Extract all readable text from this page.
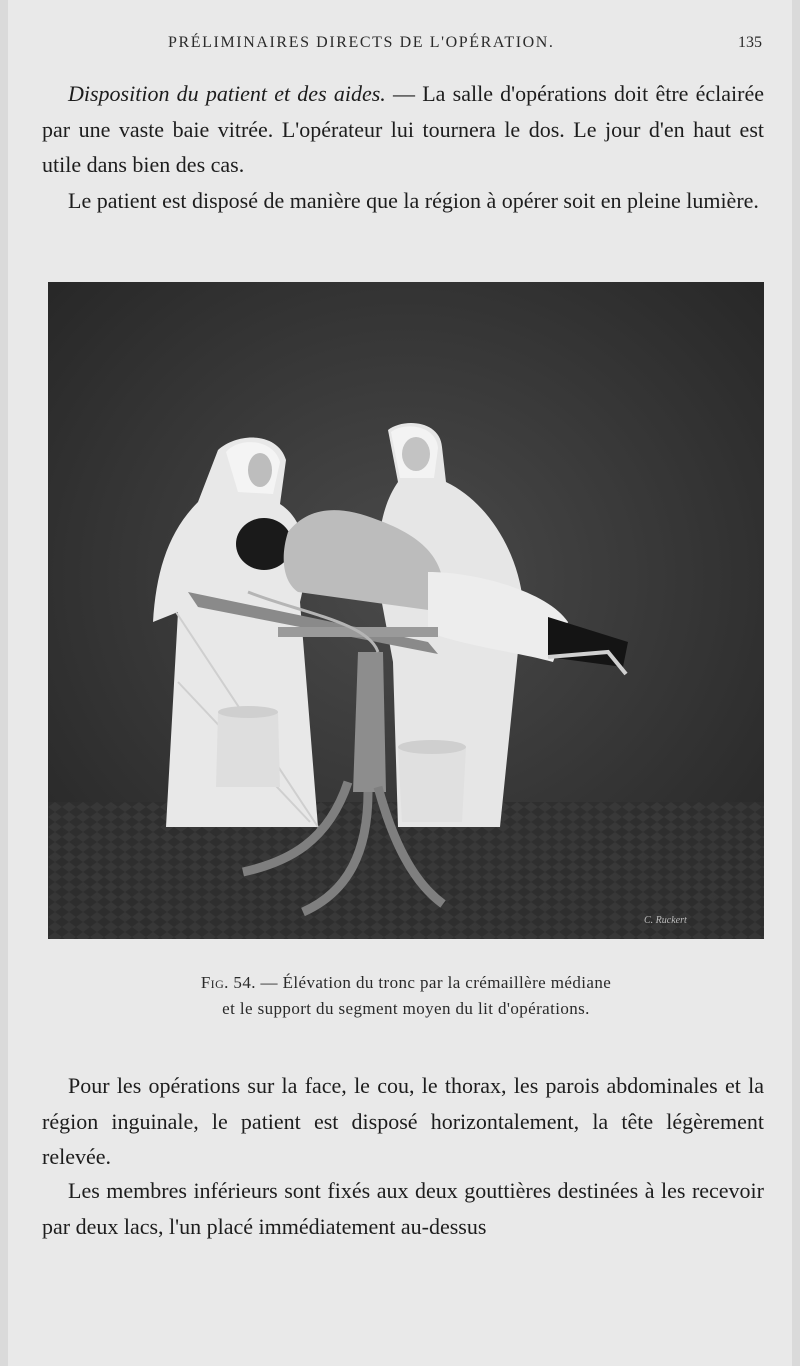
PRÉLIMINAIRES DIRECTS DE L'OPÉRATION.	135

Disposition du patient et des aides. — La salle d'opérations doit être éclairée par une vaste baie vitrée. L'opérateur lui tournera le dos. Le jour d'en haut est utile dans bien des cas.

Le patient est disposé de manière que la région à opérer soit en pleine lumière.

C. Ruckert
Fig. 54. — Élévation du tronc par la crémaillère médiane
et le support du segment moyen du lit d'opérations.

Pour les opérations sur la face, le cou, le thorax, les parois abdominales et la région inguinale, le patient est disposé horizontalement, la tête légèrement relevée.

Les membres inférieurs sont fixés aux deux gouttières destinées à les recevoir par deux lacs, l'un placé immédiatement au-dessus
